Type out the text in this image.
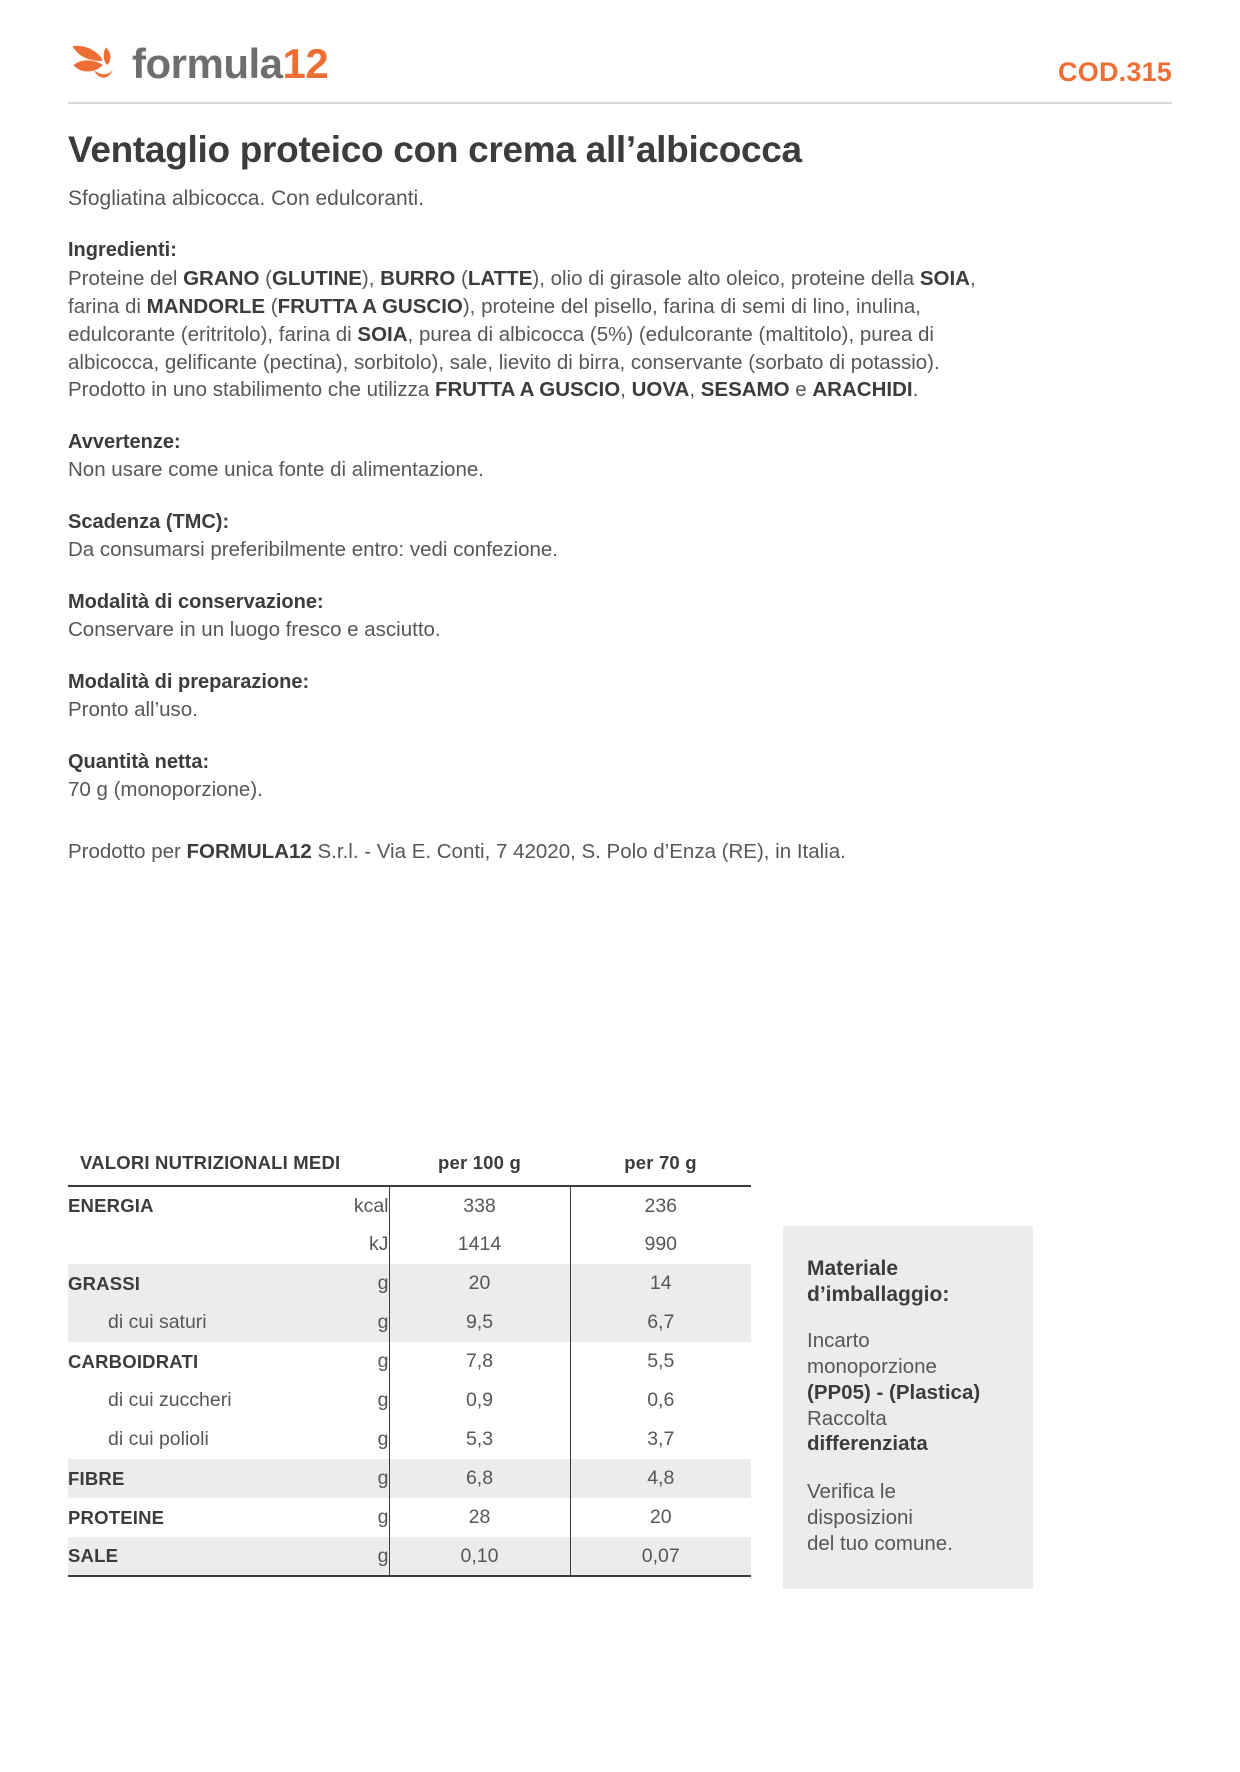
formula12	COD.315
Ventaglio proteico con crema all’albicocca
Sfogliatina albicocca. Con edulcoranti.
Ingredienti:
Proteine del GRANO (GLUTINE), BURRO (LATTE), olio di girasole alto oleico, proteine della SOIA, farina di MANDORLE (FRUTTA A GUSCIO), proteine del pisello, farina di semi di lino, inulina, edulcorante (eritritolo), farina di SOIA, purea di albicocca (5%) (edulcorante (maltitolo), purea di albicocca, gelificante (pectina), sorbitolo), sale, lievito di birra, conservante (sorbato di potassio).
Prodotto in uno stabilimento che utilizza FRUTTA A GUSCIO, UOVA, SESAMO e ARACHIDI.
Avvertenze:
Non usare come unica fonte di alimentazione.
Scadenza (TMC):
Da consumarsi preferibilmente entro: vedi confezione.
Modalità di conservazione:
Conservare in un luogo fresco e asciutto.
Modalità di preparazione:
Pronto all’uso.
Quantità netta:
70 g (monoporzione).
Prodotto per FORMULA12 S.r.l. - Via E. Conti, 7 42020, S. Polo d’Enza (RE), in Italia.
VALORI NUTRIZIONALI MEDI		per 100 g	per 70 g
ENERGIA	kcal	338	236
	kJ	1414	990
GRASSI	g	20	14
di cui saturi	g	9,5	6,7
CARBOIDRATI	g	7,8	5,5
di cui zuccheri	g	0,9	0,6
di cui polioli	g	5,3	3,7
FIBRE	g	6,8	4,8
PROTEINE	g	28	20
SALE	g	0,10	0,07
Materiale
d’imballaggio:
Incarto
monoporzione
(PP05) - (Plastica)
Raccolta
differenziata
Verifica le
disposizioni
del tuo comune.
